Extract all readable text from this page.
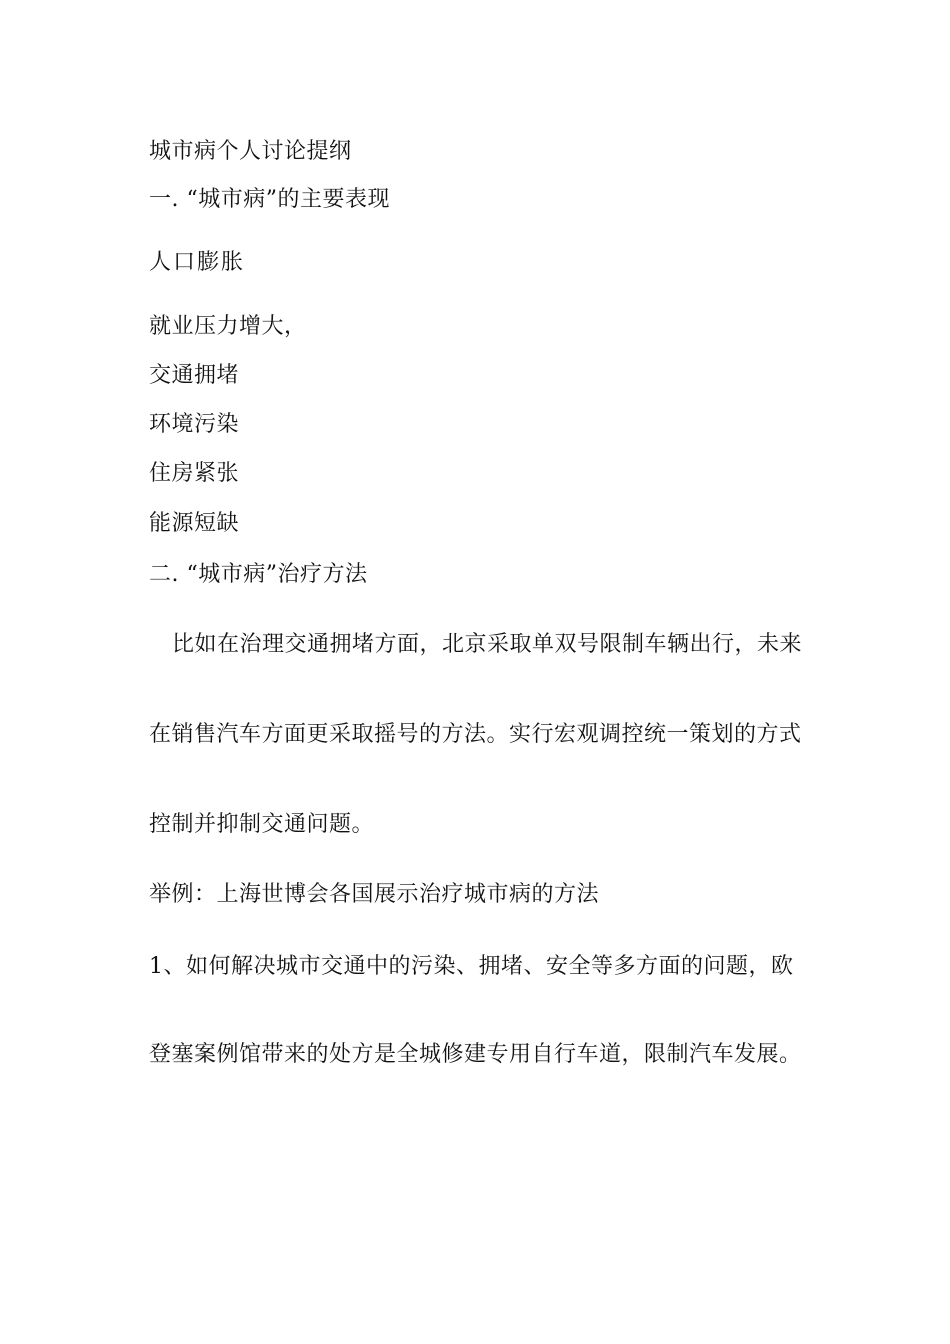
城市病个人讨论提纲
一. “城市病”的主要表现
人口膨胀
就业压力增大，
交通拥堵
环境污染
住房紧张
能源短缺
二. “城市病”治疗方法
比如在治理交通拥堵方面，北京采取单双号限制车辆出行，未来
在销售汽车方面更采取摇号的方法。实行宏观调控统一策划的方式
控制并抑制交通问题。
举例：上海世博会各国展示治疗城市病的方法
1、如何解决城市交通中的污染、拥堵、安全等多方面的问题，欧
登塞案例馆带来的处方是全城修建专用自行车道，限制汽车发展。
